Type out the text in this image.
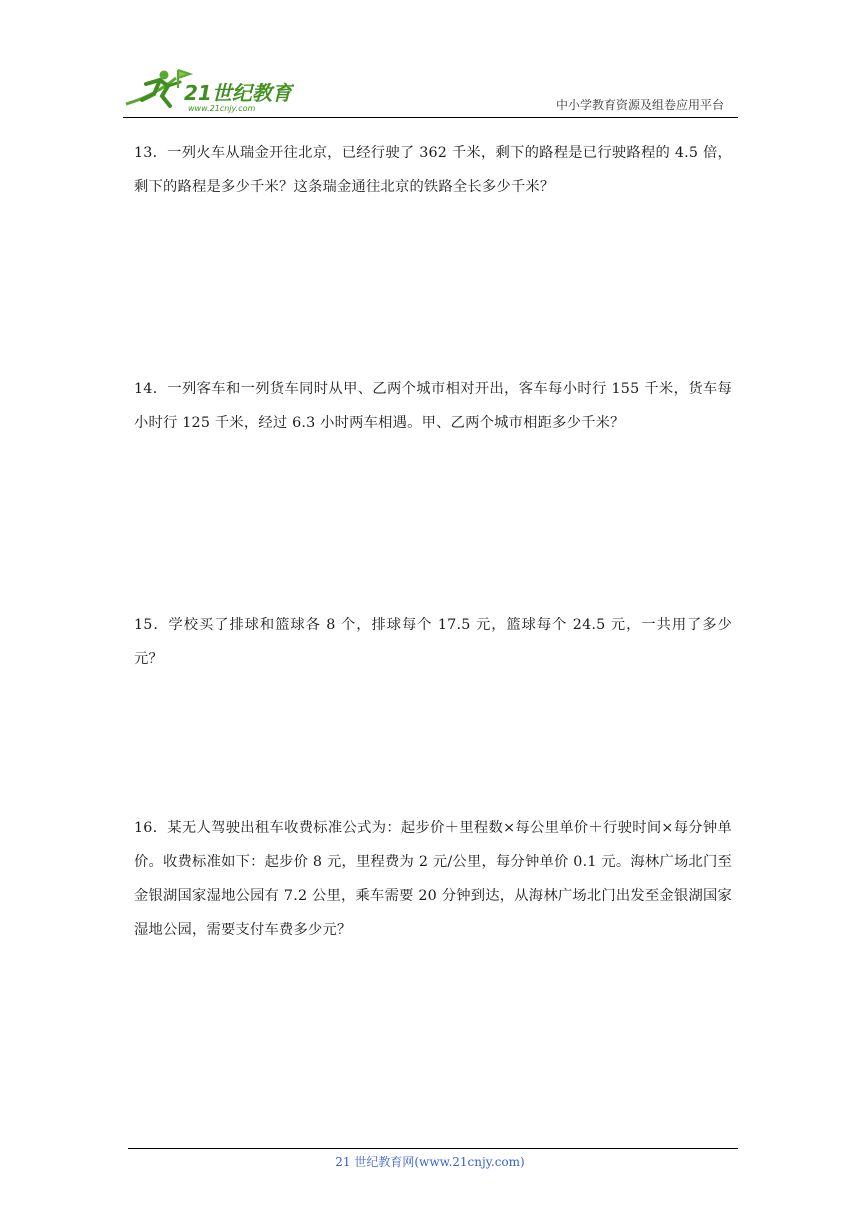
21世纪教育
www.21cnjy.com	中小学教育资源及组卷应用平台
13．一列火车从瑞金开往北京，已经行驶了 362 千米，剩下的路程是已行驶路程的 4.5 倍，剩下的路程是多少千米？这条瑞金通往北京的铁路全长多少千米？
14．一列客车和一列货车同时从甲、乙两个城市相对开出，客车每小时行 155 千米，货车每小时行 125 千米，经过 6.3 小时两车相遇。甲、乙两个城市相距多少千米？
15．学校买了排球和篮球各 8 个，排球每个 17.5 元，篮球每个 24.5 元，一共用了多少元？
16．某无人驾驶出租车收费标准公式为：起步价＋里程数×每公里单价＋行驶时间×每分钟单价。收费标准如下：起步价 8 元，里程费为 2 元/公里，每分钟单价 0.1 元。海林广场北门至金银湖国家湿地公园有 7.2 公里，乘车需要 20 分钟到达，从海林广场北门出发至金银湖国家湿地公园，需要支付车费多少元？
21 世纪教育网(www.21cnjy.com)
